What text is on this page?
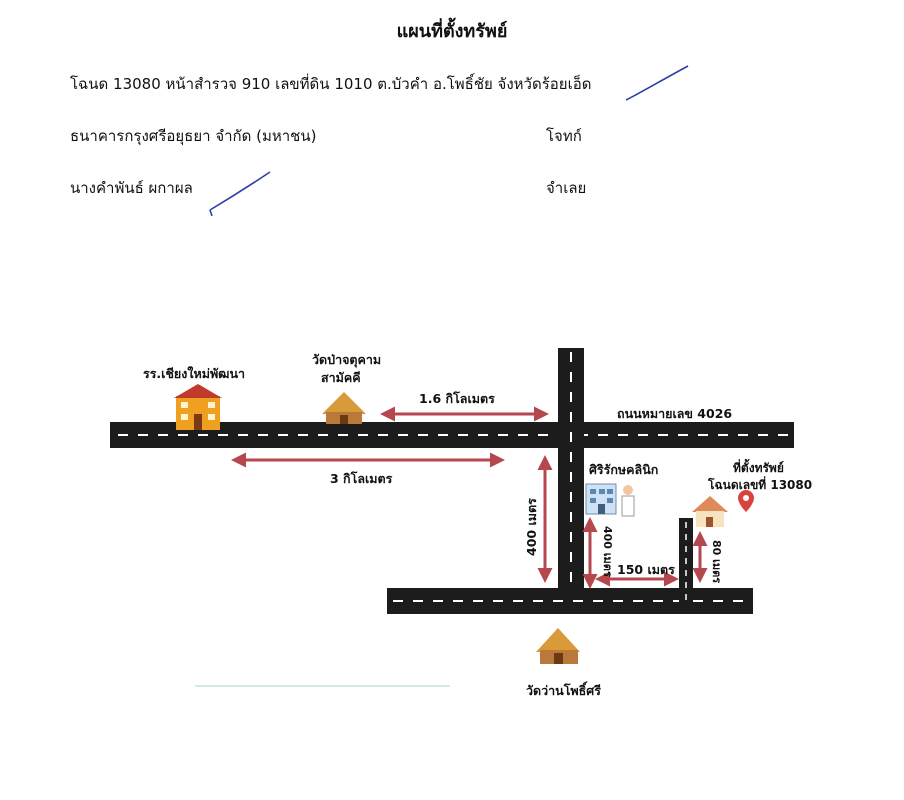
แผนที่ตั้งทรัพย์
โฉนด 13080 หน้าสำรวจ 910 เลขที่ดิน 1010 ต.บัวคำ อ.โพธิ์ชัย จังหวัดร้อยเอ็ด
ธนาคารกรุงศรีอยุธยา จำกัด (มหาชน)	โจทก์
นางคำพันธ์ ผกาผล	จำเลย
รร.เชียงใหม่พัฒนา
วัดป่าจตุคาม
สามัคคี
1.6 กิโลเมตร
ถนนหมายเลข 4026
3 กิโลเมตร
ศิริรักษคลินิก	ที่ตั้งทรัพย์
โฉนดเลขที่ 13080
400 เมตร	400 เมตร 150 เมตร	80 เมตร
วัดว่านโพธิ์ศรี
